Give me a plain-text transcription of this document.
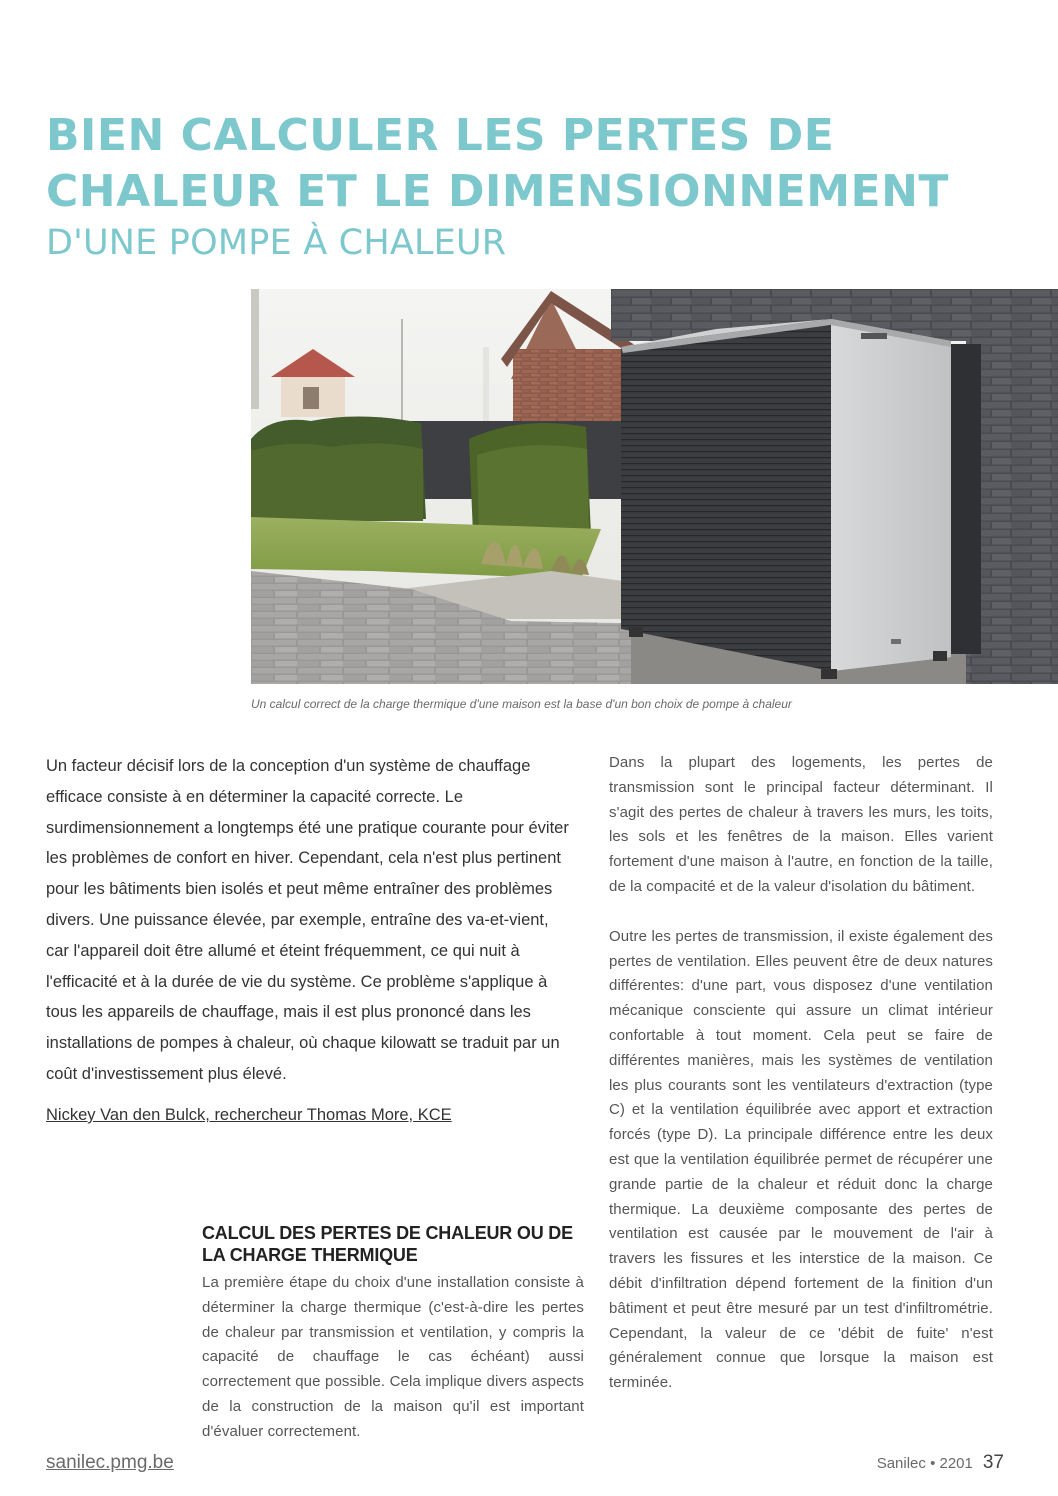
BIEN CALCULER LES PERTES DE
CHALEUR ET LE DIMENSIONNEMENT
D'UNE POMPE À CHALEUR
Un calcul correct de la charge thermique d'une maison est la base d'un bon choix de pompe à chaleur

Un facteur décisif lors de la conception d'un système de chauffage efficace consiste à en déterminer la capacité correcte. Le surdimensionnement a longtemps été une pratique courante pour éviter les problèmes de confort en hiver. Cependant, cela n'est plus pertinent pour les bâtiments bien isolés et peut même entraîner des problèmes divers. Une puissance élevée, par exemple, entraîne des va-et-vient, car l'appareil doit être allumé et éteint fréquemment, ce qui nuit à l'efficacité et à la durée de vie du système. Ce problème s'applique à tous les appareils de chauffage, mais il est plus prononcé dans les installations de pompes à chaleur, où chaque kilowatt se traduit par un coût d'investissement plus élevé.

Nickey Van den Bulck, rechercheur Thomas More, KCE
CALCUL DES PERTES DE CHALEUR OU DE LA CHARGE THERMIQUE

La première étape du choix d'une installation consiste à déterminer la charge thermique (c'est-à-dire les pertes de chaleur par transmission et ventilation, y compris la capacité de chauffage le cas échéant) aussi correctement que possible. Cela implique divers aspects de la construction de la maison qu'il est important d'évaluer correctement.

Dans la plupart des logements, les pertes de transmission sont le principal facteur déterminant. Il s'agit des pertes de chaleur à travers les murs, les toits, les sols et les fenêtres de la maison. Elles varient fortement d'une maison à l'autre, en fonction de la taille, de la compacité et de la valeur d'isolation du bâtiment.

Outre les pertes de transmission, il existe également des pertes de ventilation. Elles peuvent être de deux natures différentes: d'une part, vous disposez d'une ventilation mécanique consciente qui assure un climat intérieur confortable à tout moment. Cela peut se faire de différentes manières, mais les systèmes de ventilation les plus courants sont les ventilateurs d'extraction (type C) et la ventilation équilibrée avec apport et extraction forcés (type D). La principale différence entre les deux est que la ventilation équilibrée permet de récupérer une grande partie de la chaleur et réduit donc la charge thermique. La deuxième composante des pertes de ventilation est causée par le mouvement de l'air à travers les fissures et les interstice de la maison. Ce débit d'infiltration dépend fortement de la finition d'un bâtiment et peut être mesuré par un test d'infiltrométrie. Cependant, la valeur de ce 'débit de fuite' n'est généralement connue que lorsque la maison est terminée.

sanilec.pmg.be	Sanilec • 2201 37
